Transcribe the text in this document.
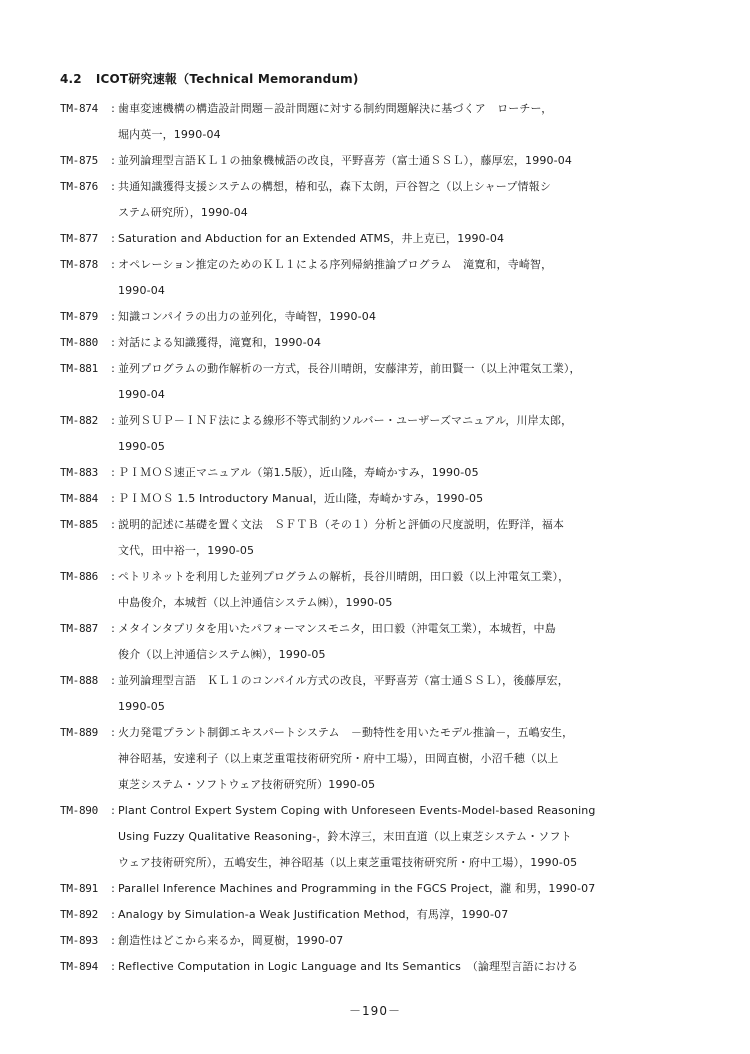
4.2 ICOT研究速報（Technical Memorandum)
TM-874	: 歯車変速機構の構造設計問題－設計問題に対する制約問題解決に基づくア　ローチー，
堀内英一，1990-04
TM-875	: 並列論理型言語ＫＬ１の抽象機械語の改良，平野喜芳（富士通ＳＳＬ），藤厚宏，1990-04
TM-876	: 共通知識獲得支援システムの構想，椿和弘，森下太朗，戸谷智之（以上シャープ情報シ
ステム研究所），1990-04
TM-877	: Saturation and Abduction for an Extended ATMS，井上克已，1990-04
TM-878	: オペレーション推定のためのＫＬ１による序列帰納推論プログラム　滝寛和，寺崎智，
1990-04
TM-879	: 知識コンパイラの出力の並列化，寺崎智，1990-04
TM-880	: 対話による知識獲得，滝寛和，1990-04
TM-881	: 並列プログラムの動作解析の一方式，長谷川晴朗，安藤津芳，前田賢一（以上沖電気工業），
1990-04
TM-882	: 並列ＳＵＰ－ＩＮＦ法による線形不等式制約ソルバー・ユーザーズマニュアル，川岸太郎，
1990-05
TM-883	: ＰＩＭＯＳ速正マニュアル（第1.5版），近山隆，寿崎かすみ，1990-05
TM-884	: ＰＩＭＯＳ 1.5 Introductory Manual，近山隆，寿崎かすみ，1990-05
TM-885	: 説明的記述に基礎を置く文法　ＳＦＴＢ（その１）分析と評価の尺度説明，佐野洋，福本
文代，田中裕一，1990-05
TM-886	: ペトリネットを利用した並列プログラムの解析，長谷川晴朗，田口毅（以上沖電気工業），
中島俊介，本城哲（以上沖通信システム㈱），1990-05
TM-887	: メタインタプリタを用いたパフォーマンスモニタ，田口毅（沖電気工業），本城哲，中島
俊介（以上沖通信システム㈱），1990-05
TM-888	: 並列論理型言語　ＫＬ１のコンパイル方式の改良，平野喜芳（富士通ＳＳＬ），後藤厚宏，
1990-05
TM-889	: 火力発電プラント制御エキスパートシステム　－動特性を用いたモデル推論－，五嶋安生，
神谷昭基，安達利子（以上東芝重電技術研究所・府中工場），田岡直樹，小沼千穂（以上
東芝システム・ソフトウェア技術研究所）1990-05
TM-890	: Plant Control Expert System Coping with Unforeseen Events-Model-based Reasoning
Using Fuzzy Qualitative Reasoning-，鈴木淳三，末田直道（以上東芝システム・ソフト
ウェア技術研究所），五嶋安生，神谷昭基（以上東芝重電技術研究所・府中工場），1990-05
TM-891	: Parallel Inference Machines and Programming in the FGCS Project，瀧 和男，1990-07
TM-892	: Analogy by Simulation-a Weak Justification Method，有馬淳，1990-07
TM-893	: 創造性はどこから来るか，岡夏樹，1990-07
TM-894	: Reflective Computation in Logic Language and Its Semantics　（論理型言語における
－190－
